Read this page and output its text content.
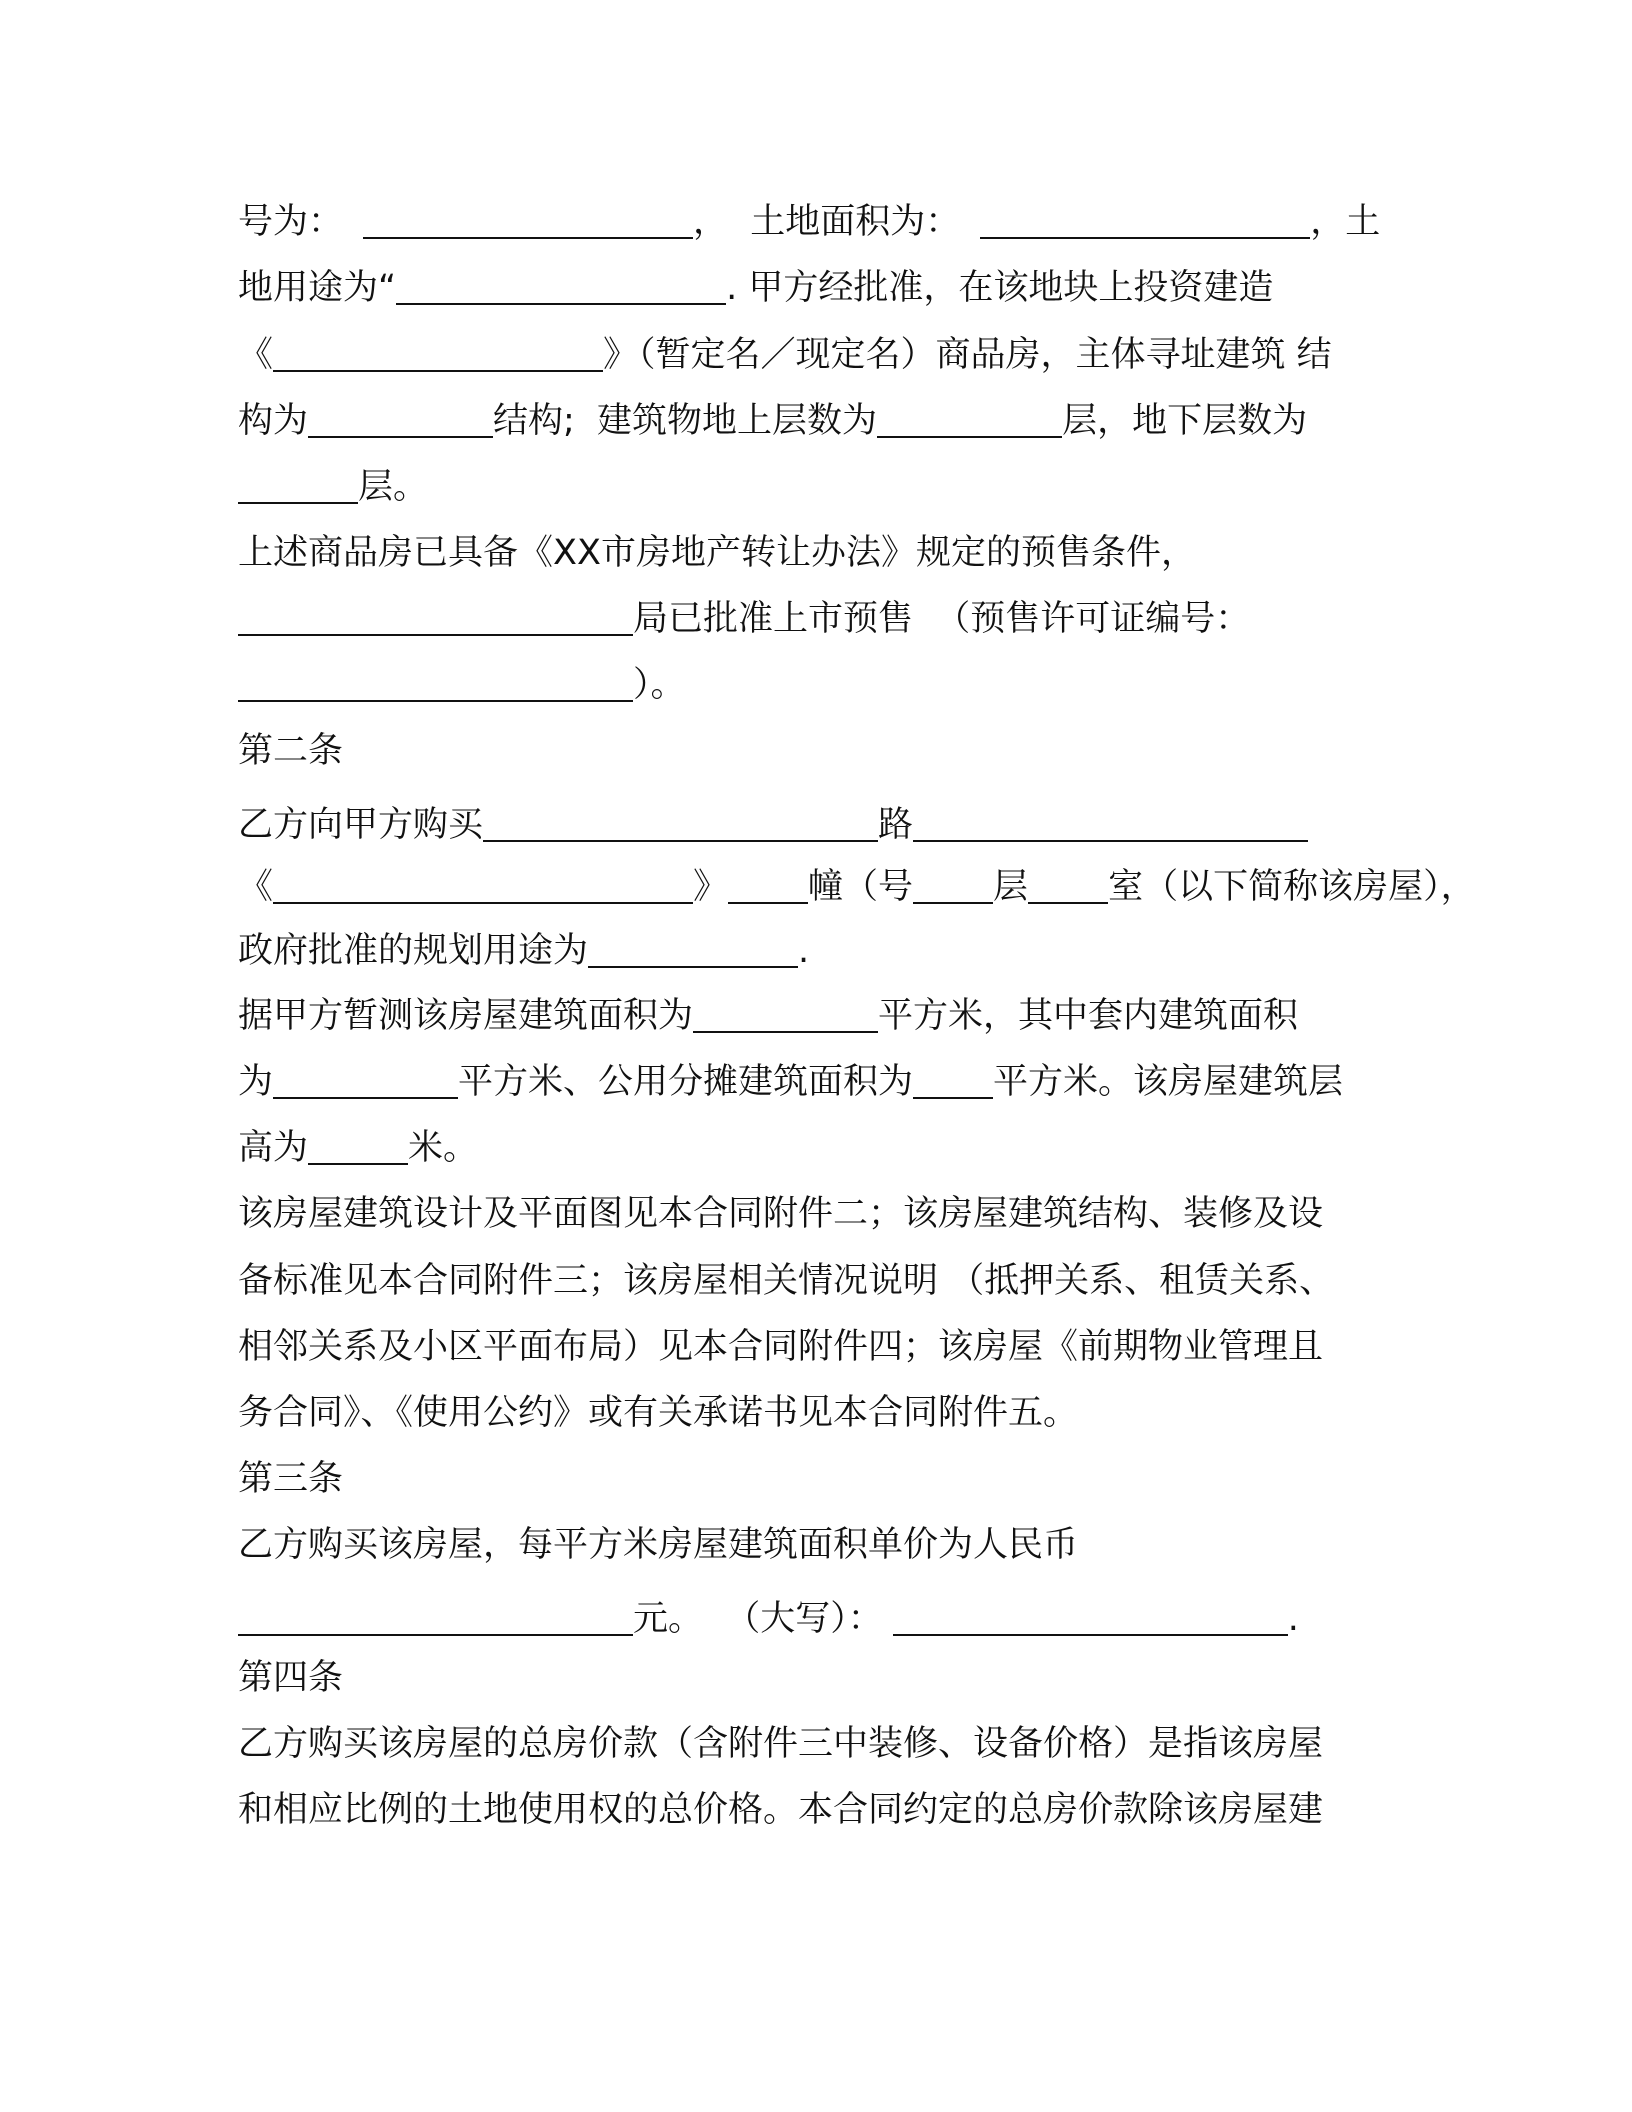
号为：	，  土地面积为：	，土
地用途为“	. 甲方经批准，在该地块上投资建造
《	》（暂定名／现定名）商品房，主体寻址建筑 结
构为	结构;  建筑物地上层数为	层，地下层数为
层。
上述商品房已具备《XX市房地产转让办法》规定的预售条件，
局已批准上市预售  （预售许可证编号：
）。
第二条
乙方向甲方购买	路
《	》 幢（号 层 室（以下简称该房屋），
政府批准的规划用途为	.
据甲方暂测该房屋建筑面积为	平方米，其中套内建筑面积
为	平方米、公用分摊建筑面积为 平方米。该房屋建筑层
高为	米。
该房屋建筑设计及平面图见本合同附件二；该房屋建筑结构、装修及设
备标准见本合同附件三；该房屋相关情况说明 （抵押关系、租赁关系、
相邻关系及小区平面布局）见本合同附件四；该房屋《前期物业管理且
务合同》、《使用公约》或有关承诺书见本合同附件五。
第三条
乙方购买该房屋，每平方米房屋建筑面积单价为人民币
元。  （大写）：	.
第四条
乙方购买该房屋的总房价款（含附件三中装修、设备价格）是指该房屋
和相应比例的土地使用权的总价格。本合同约定的总房价款除该房屋建
